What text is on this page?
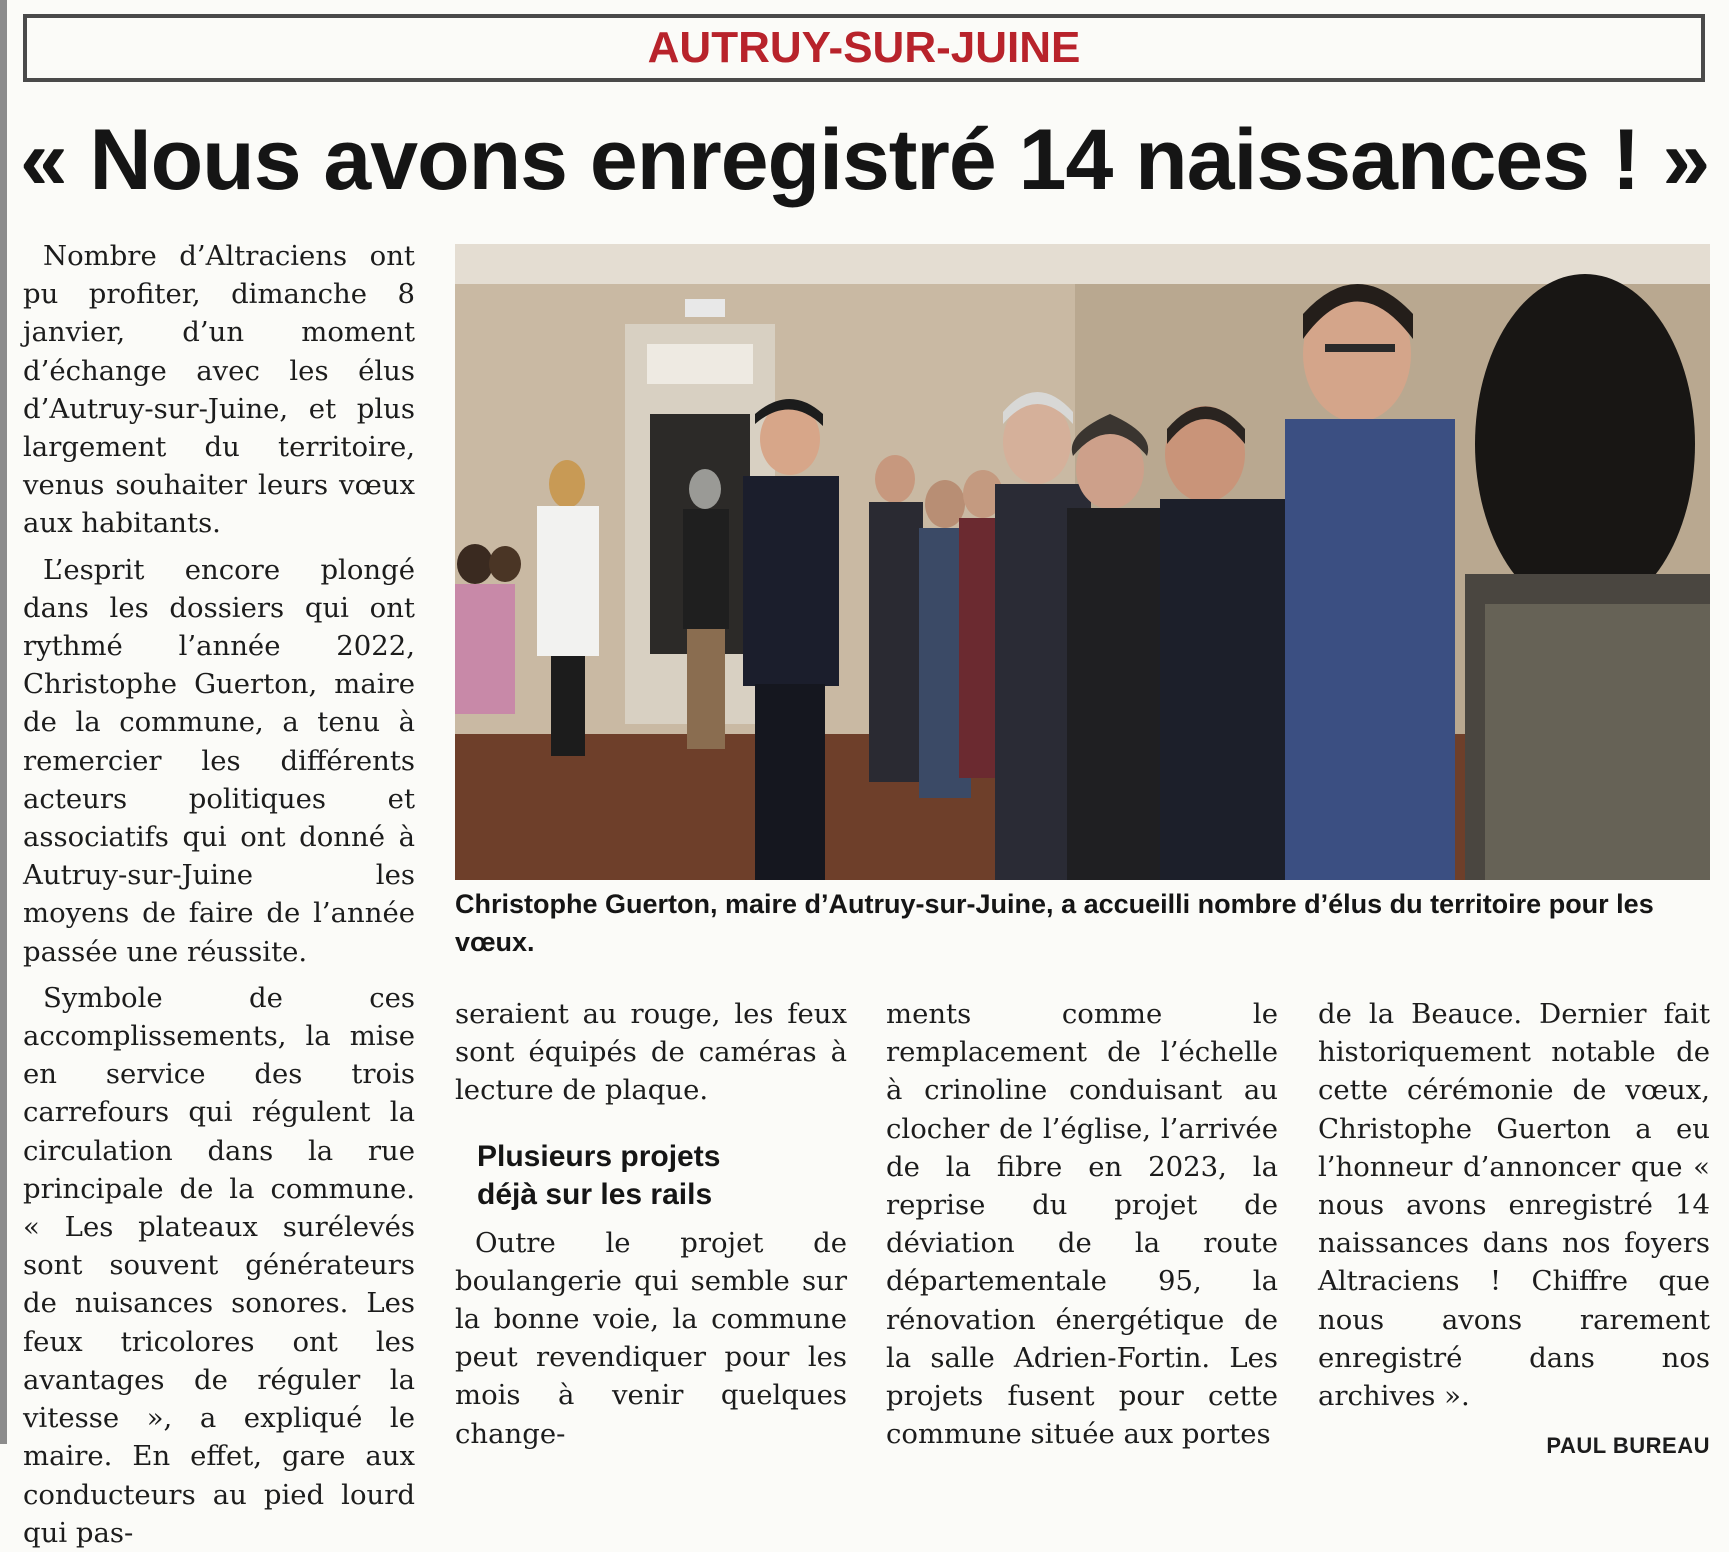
AUTRUY-SUR-JUINE
« Nous avons enregistré 14 naissances ! »

Nombre d’Altraciens ont pu profiter, dimanche 8 janvier, d’un moment d’échange avec les élus d’Autruy-sur-Juine, et plus largement du territoire, venus souhaiter leurs vœux aux habitants.

L’esprit encore plongé dans les dossiers qui ont rythmé l’année 2022, Christophe Guerton, maire de la commune, a tenu à remercier les différents acteurs politiques et associatifs qui ont donné à Autruy-sur-Juine les moyens de faire de l’année passée une réussite.

Symbole de ces accomplissements, la mise en service des trois carrefours qui régulent la circulation dans la rue principale de la commune. « Les plateaux surélevés sont souvent générateurs de nuisances sonores. Les feux tricolores ont les avantages de réguler la vitesse », a expliqué le maire. En effet, gare aux conducteurs au pied lourd qui pas-

Christophe Guerton, maire d’Autruy-sur-Juine, a accueilli nombre d’élus du territoire pour les vœux.

seraient au rouge, les feux sont équipés de caméras à lecture de plaque.

Plusieurs projets
déjà sur les rails

Outre le projet de boulangerie qui semble sur la bonne voie, la commune peut revendiquer pour les mois à venir quelques change-

ments comme le remplacement de l’échelle à crinoline conduisant au clocher de l’église, l’arrivée de la fibre en 2023, la reprise du projet de déviation de la route départementale 95, la rénovation énergétique de la salle Adrien-Fortin. Les projets fusent pour cette commune située aux portes

de la Beauce. Dernier fait historiquement notable de cette cérémonie de vœux, Christophe Guerton a eu l’honneur d’annoncer que « nous avons enregistré 14 naissances dans nos foyers Altraciens ! Chiffre que nous avons rarement enregistré dans nos archives ».

PAUL BUREAU
